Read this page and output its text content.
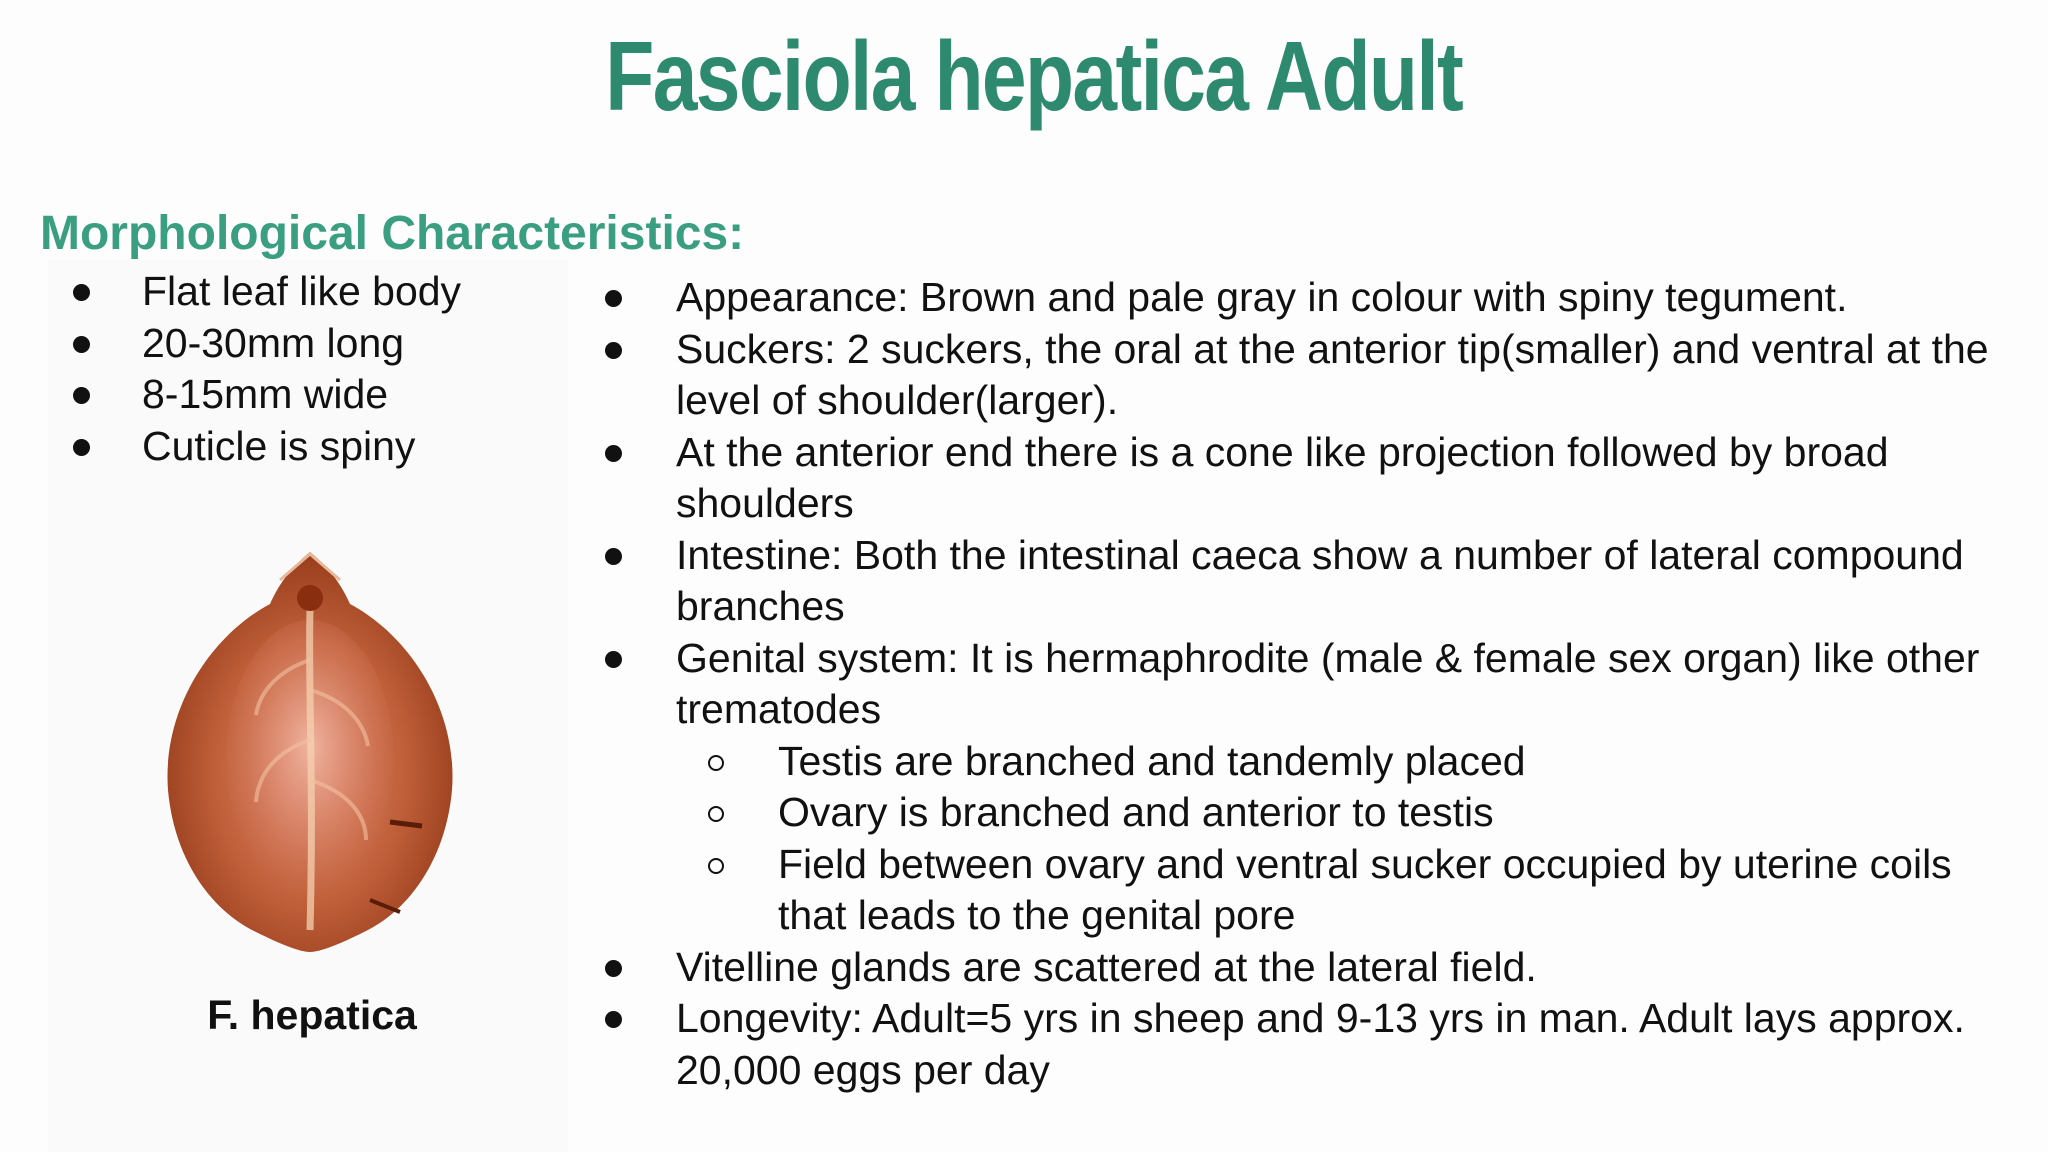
Fasciola hepatica Adult
Morphological Characteristics:
Flat leaf like body
20-30mm long
8-15mm wide
Cuticle is spiny
F. hepatica
Appearance: Brown and pale gray in colour with spiny tegument.
Suckers: 2 suckers, the oral at the anterior tip(smaller) and ventral at the level of shoulder(larger).
At the anterior end there is a cone like projection followed by broad shoulders
Intestine: Both the intestinal caeca show a number of lateral compound branches
Genital system: It is hermaphrodite (male & female sex organ) like other trematodes
Testis are branched and tandemly placed
Ovary is branched and anterior to testis
Field between ovary and ventral sucker occupied by uterine coils that leads to the genital pore
Vitelline glands are scattered at the lateral field.
Longevity: Adult=5 yrs in sheep and 9-13 yrs in man. Adult lays approx. 20,000 eggs per day
